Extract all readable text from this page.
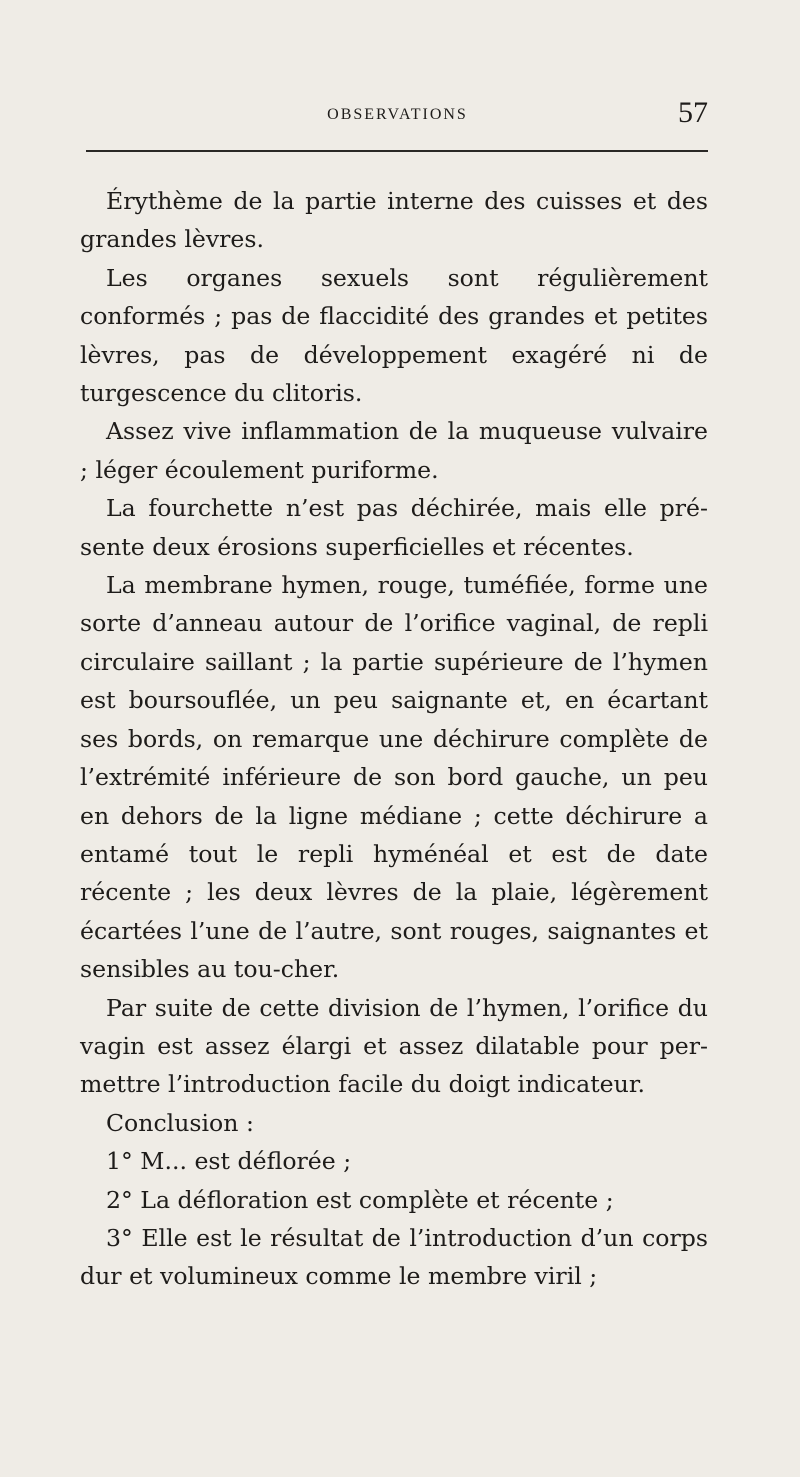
OBSERVATIONS	57

Érythème de la partie interne des cuisses et des grandes lèvres.

Les organes sexuels sont régulièrement conformés ; pas de flaccidité des grandes et petites lèvres, pas de développement exagéré ni de turgescence du clitoris.

Assez vive inflammation de la muqueuse vulvaire ; léger écoulement puriforme.

La fourchette n’est pas déchirée, mais elle pré-sente deux érosions superficielles et récentes.

La membrane hymen, rouge, tuméfiée, forme une sorte d’anneau autour de l’orifice vaginal, de repli circulaire saillant ; la partie supérieure de l’hymen est boursouflée, un peu saignante et, en écartant ses bords, on remarque une déchirure complète de l’extrémité inférieure de son bord gauche, un peu en dehors de la ligne médiane ; cette déchirure a entamé tout le repli hyménéal et est de date récente ; les deux lèvres de la plaie, légèrement écartées l’une de l’autre, sont rouges, saignantes et sensibles au tou-cher.

Par suite de cette division de l’hymen, l’orifice du vagin est assez élargi et assez dilatable pour per-mettre l’introduction facile du doigt indicateur.

Conclusion :

1° M... est déflorée ;

2° La défloration est complète et récente ;

3° Elle est le résultat de l’introduction d’un corps dur et volumineux comme le membre viril ;
